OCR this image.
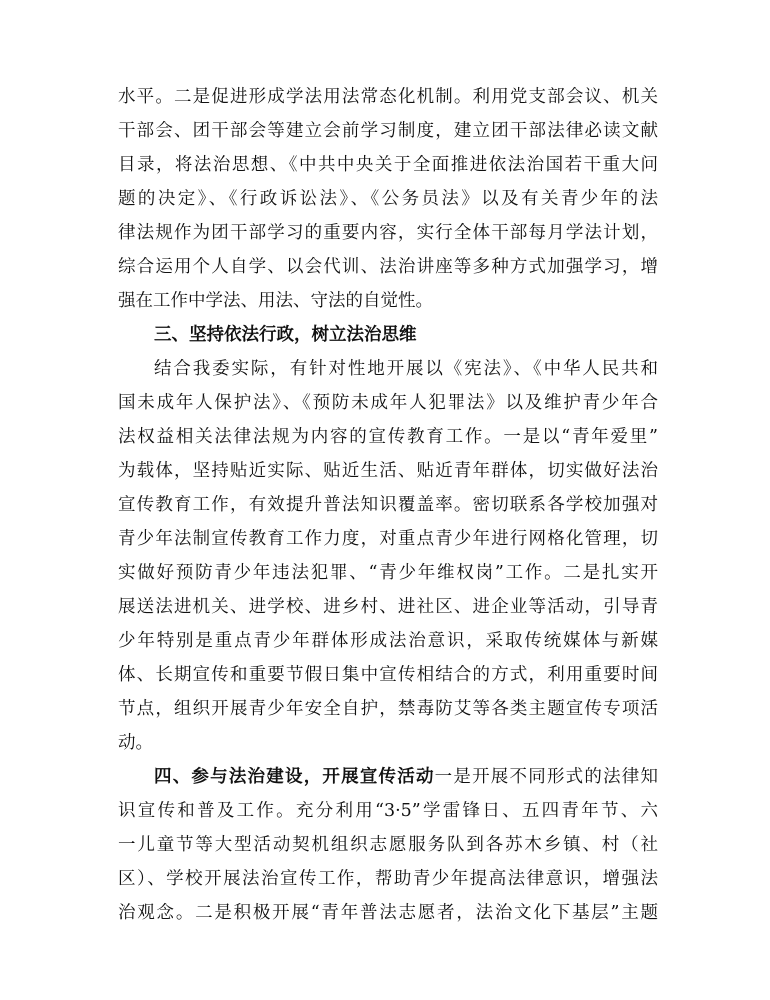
水平。二是促进形成学法用法常态化机制。利用党支部会议、机关
干部会、团干部会等建立会前学习制度，建立团干部法律必读文献
目录，将法治思想、《中共中央关于全面推进依法治国若干重大问
题的决定》、《行政诉讼法》、《公务员法》以及有关青少年的法
律法规作为团干部学习的重要内容，实行全体干部每月学法计划，
综合运用个人自学、以会代训、法治讲座等多种方式加强学习，增
强在工作中学法、用法、守法的自觉性。
三、坚持依法行政，树立法治思维
结合我委实际，有针对性地开展以《宪法》、《中华人民共和
国未成年人保护法》、《预防未成年人犯罪法》以及维护青少年合
法权益相关法律法规为内容的宣传教育工作。一是以“青年爱里”
为载体，坚持贴近实际、贴近生活、贴近青年群体，切实做好法治
宣传教育工作，有效提升普法知识覆盖率。密切联系各学校加强对
青少年法制宣传教育工作力度，对重点青少年进行网格化管理，切
实做好预防青少年违法犯罪、“青少年维权岗”工作。二是扎实开
展送法进机关、进学校、进乡村、进社区、进企业等活动，引导青
少年特别是重点青少年群体形成法治意识，采取传统媒体与新媒
体、长期宣传和重要节假日集中宣传相结合的方式，利用重要时间
节点，组织开展青少年安全自护，禁毒防艾等各类主题宣传专项活
动。
四、参与法治建设，开展宣传活动一是开展不同形式的法律知
识宣传和普及工作。充分利用“3·5”学雷锋日、五四青年节、六
一儿童节等大型活动契机组织志愿服务队到各苏木乡镇、村（社
区）、学校开展法治宣传工作，帮助青少年提高法律意识，增强法
治观念。二是积极开展“青年普法志愿者，法治文化下基层”主题
